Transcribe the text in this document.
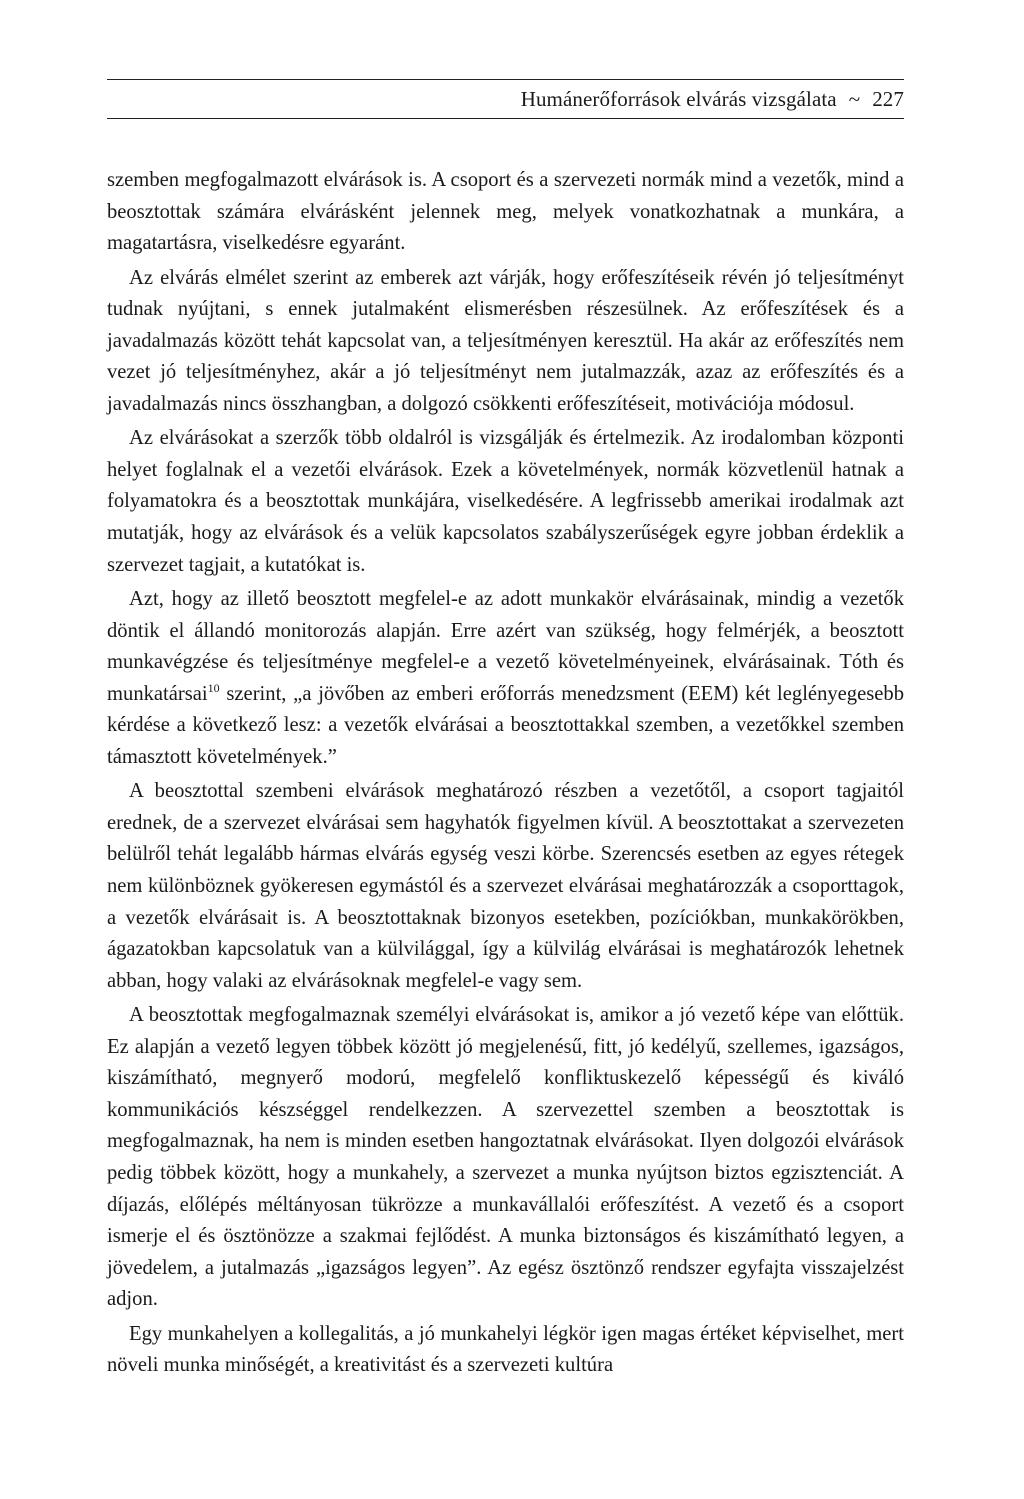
Humánerőforrások elvárás vizsgálata ~ 227

szemben megfogalmazott elvárások is. A csoport és a szervezeti normák mind a vezetők, mind a beosztottak számára elvárásként jelennek meg, melyek vonatkozhatnak a munkára, a magatartásra, viselkedésre egyaránt.

Az elvárás elmélet szerint az emberek azt várják, hogy erőfeszítéseik révén jó teljesítményt tudnak nyújtani, s ennek jutalmaként elismerésben részesülnek. Az erőfeszítések és a javadalmazás között tehát kapcsolat van, a teljesítményen keresztül. Ha akár az erőfeszítés nem vezet jó teljesítményhez, akár a jó teljesítményt nem jutalmazzák, azaz az erőfeszítés és a javadalmazás nincs összhangban, a dolgozó csökkenti erőfeszítéseit, motivációja módosul.

Az elvárásokat a szerzők több oldalról is vizsgálják és értelmezik. Az irodalomban központi helyet foglalnak el a vezetői elvárások. Ezek a követelmények, normák közvetlenül hatnak a folyamatokra és a beosztottak munkájára, viselkedésére. A legfrissebb amerikai irodalmak azt mutatják, hogy az elvárások és a velük kapcsolatos szabályszerűségek egyre jobban érdeklik a szervezet tagjait, a kutatókat is.

Azt, hogy az illető beosztott megfelel-e az adott munkakör elvárásainak, mindig a vezetők döntik el állandó monitorozás alapján. Erre azért van szükség, hogy felmérjék, a beosztott munkavégzése és teljesítménye megfelel-e a vezető követelményeinek, elvárásainak. Tóth és munkatársai$^{10}$ szerint, „a jövőben az emberi erőforrás menedzsment (EEM) két leglényegesebb kérdése a következő lesz: a vezetők elvárásai a beosztottakkal szemben, a vezetőkkel szemben támasztott követelmények.”

A beosztottal szembeni elvárások meghatározó részben a vezetőtől, a csoport tagjaitól erednek, de a szervezet elvárásai sem hagyhatók figyelmen kívül. A beosztottakat a szervezeten belülről tehát legalább hármas elvárás egység veszi körbe. Szerencsés esetben az egyes rétegek nem különböznek gyökeresen egymástól és a szervezet elvárásai meghatározzák a csoporttagok, a vezetők elvárásait is. A beosztottaknak bizonyos esetekben, pozíciókban, munkakörökben, ágazatokban kapcsolatuk van a külvilággal, így a külvilág elvárásai is meghatározók lehetnek abban, hogy valaki az elvárásoknak megfelel-e vagy sem.

A beosztottak megfogalmaznak személyi elvárásokat is, amikor a jó vezető képe van előttük. Ez alapján a vezető legyen többek között jó megjelenésű, fitt, jó kedélyű, szellemes, igazságos, kiszámítható, megnyerő modorú, megfelelő konfliktuskezelő képességű és kiváló kommunikációs készséggel rendelkezzen. A szervezettel szemben a beosztottak is megfogalmaznak, ha nem is minden esetben hangoztatnak elvárásokat. Ilyen dolgozói elvárások pedig többek között, hogy a munkahely, a szervezet a munka nyújtson biztos egzisztenciát. A díjazás, előlépés méltányosan tükrözze a munkavállalói erőfeszítést. A vezető és a csoport ismerje el és ösztönözze a szakmai fejlődést. A munka biztonságos és kiszámítható legyen, a jövedelem, a jutalmazás „igazságos legyen”. Az egész ösztönző rendszer egyfajta visszajelzést adjon.

Egy munkahelyen a kollegalitás, a jó munkahelyi légkör igen magas értéket képviselhet, mert növeli munka minőségét, a kreativitást és a szervezeti kultúra
